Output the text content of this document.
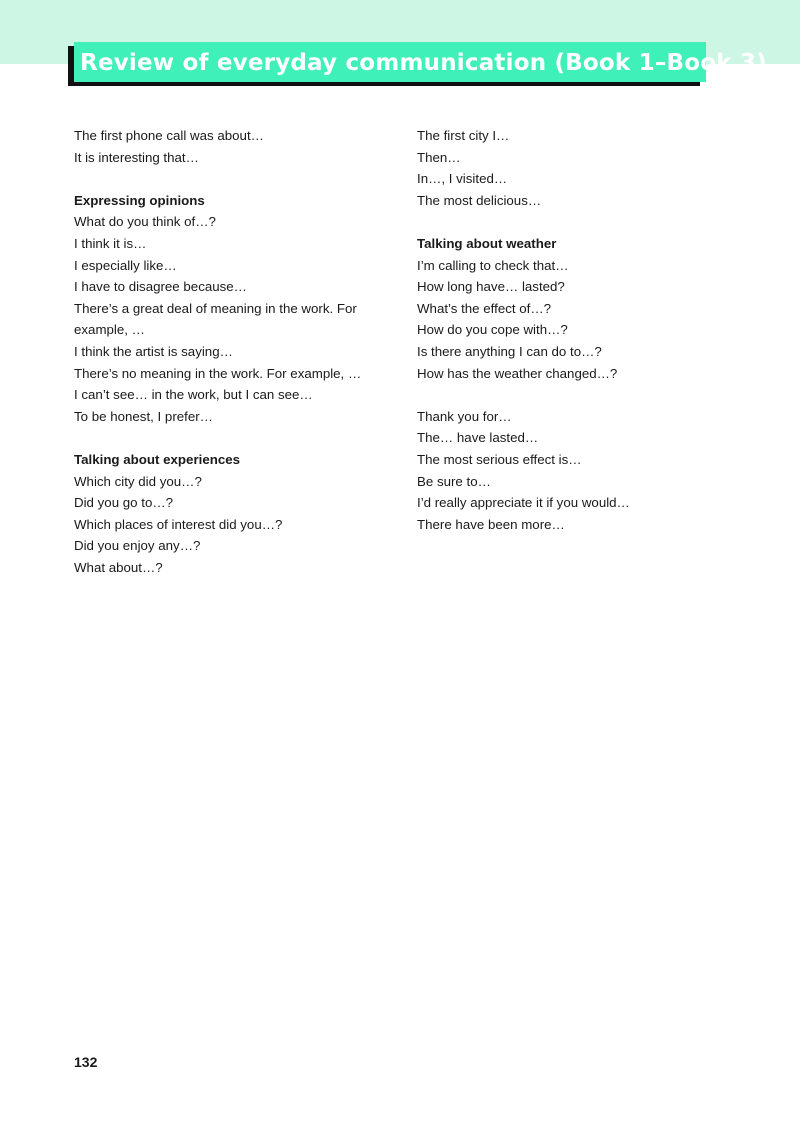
Review of everyday communication (Book 1–Book 3)
The first phone call was about…
It is interesting that…
Expressing opinions
What do you think of…?
I think it is…
I especially like…
I have to disagree because…
There’s a great deal of meaning in the work. For
example, …
I think the artist is saying…
There’s no meaning in the work. For example, …
I can’t see… in the work, but I can see…
To be honest, I prefer…
Talking about experiences
Which city did you…?
Did you go to…?
Which places of interest did you…?
Did you enjoy any…?
What about…?
The first city I…
Then…
In…, I visited…
The most delicious…
Talking about weather
I’m calling to check that…
How long have… lasted?
What’s the effect of…?
How do you cope with…?
Is there anything I can do to…?
How has the weather changed…?
Thank you for…
The… have lasted…
The most serious effect is…
Be sure to…
I’d really appreciate it if you would…
There have been more…
132
